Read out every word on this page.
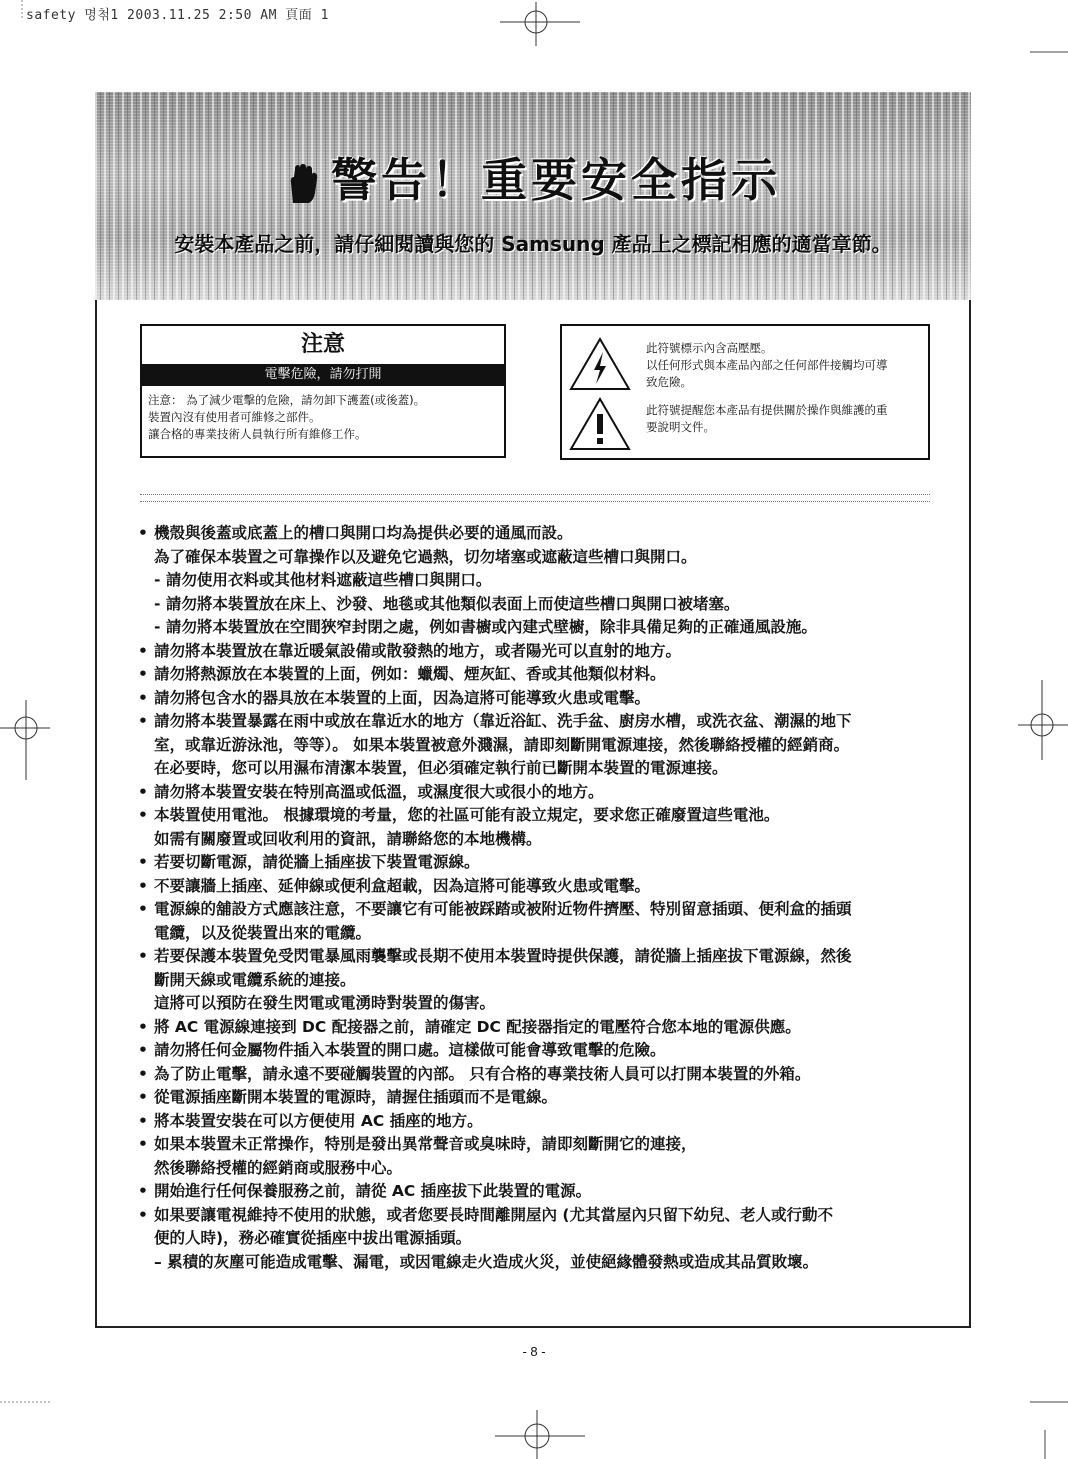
safety 명첚1 2003.11.25 2:50 AM 頁面 1
警告！重要安全指示
安裝本產品之前，請仔細閱讀與您的 Samsung 產品上之標記相應的適當章節。
注意
電擊危險，請勿打開
注意： 為了減少電擊的危險，請勿卸下護蓋(或後蓋)。
裝置內沒有使用者可維修之部件。
讓合格的專業技術人員執行所有維修工作。
此符號標示內含高壓壓。
以任何形式與本產品內部之任何部件接觸均可導
致危險。
此符號提醒您本產品有提供關於操作與維護的重
要說明文件。
• 機殼與後蓋或底蓋上的槽口與開口均為提供必要的通風而設。
為了確保本裝置之可靠操作以及避免它過熱，切勿堵塞或遮蔽這些槽口與開口。
- 請勿使用衣料或其他材料遮蔽這些槽口與開口。
- 請勿將本裝置放在床上、沙發、地毯或其他類似表面上而使這些槽口與開口被堵塞。
- 請勿將本裝置放在空間狹窄封閉之處，例如書櫥或內建式壁櫥，除非具備足夠的正確通風設施。
• 請勿將本裝置放在靠近暖氣設備或散發熱的地方，或者陽光可以直射的地方。
• 請勿將熱源放在本裝置的上面，例如：蠟燭、煙灰缸、香或其他類似材料。
• 請勿將包含水的器具放在本裝置的上面，因為這將可能導致火患或電擊。
• 請勿將本裝置暴露在雨中或放在靠近水的地方（靠近浴缸、洗手盆、廚房水槽，或洗衣盆、潮濕的地下
室，或靠近游泳池，等等）。 如果本裝置被意外濺濕，請即刻斷開電源連接，然後聯絡授權的經銷商。
在必要時，您可以用濕布清潔本裝置，但必須確定執行前已斷開本裝置的電源連接。
• 請勿將本裝置安裝在特別高溫或低溫，或濕度很大或很小的地方。
• 本裝置使用電池。 根據環境的考量，您的社區可能有設立規定，要求您正確廢置這些電池。
如需有關廢置或回收利用的資訊，請聯絡您的本地機構。
• 若要切斷電源，請從牆上插座拔下裝置電源線。
• 不要讓牆上插座、延伸線或便利盒超載，因為這將可能導致火患或電擊。
• 電源線的舖設方式應該注意，不要讓它有可能被踩踏或被附近物件擠壓、特別留意插頭、便利盒的插頭
電纜，以及從裝置出來的電纜。
• 若要保護本裝置免受閃電暴風雨襲擊或長期不使用本裝置時提供保護，請從牆上插座拔下電源線，然後
斷開天線或電纜系統的連接。
這將可以預防在發生閃電或電湧時對裝置的傷害。
• 將 AC 電源線連接到 DC 配接器之前，請確定 DC 配接器指定的電壓符合您本地的電源供應。
• 請勿將任何金屬物件插入本裝置的開口處。這樣做可能會導致電擊的危險。
• 為了防止電擊，請永遠不要碰觸裝置的內部。 只有合格的專業技術人員可以打開本裝置的外箱。
• 從電源插座斷開本裝置的電源時，請握住插頭而不是電線。
• 將本裝置安裝在可以方便使用 AC 插座的地方。
• 如果本裝置未正常操作，特別是發出異常聲音或臭味時，請即刻斷開它的連接，
然後聯絡授權的經銷商或服務中心。
• 開始進行任何保養服務之前，請從 AC 插座拔下此裝置的電源。
• 如果要讓電視維持不使用的狀態，或者您要長時間離開屋內 (尤其當屋內只留下幼兒、老人或行動不
便的人時)，務必確實從插座中拔出電源插頭。
– 累積的灰塵可能造成電擊、漏電，或因電線走火造成火災，並使絕緣體發熱或造成其品質敗壞。
- 8 -
